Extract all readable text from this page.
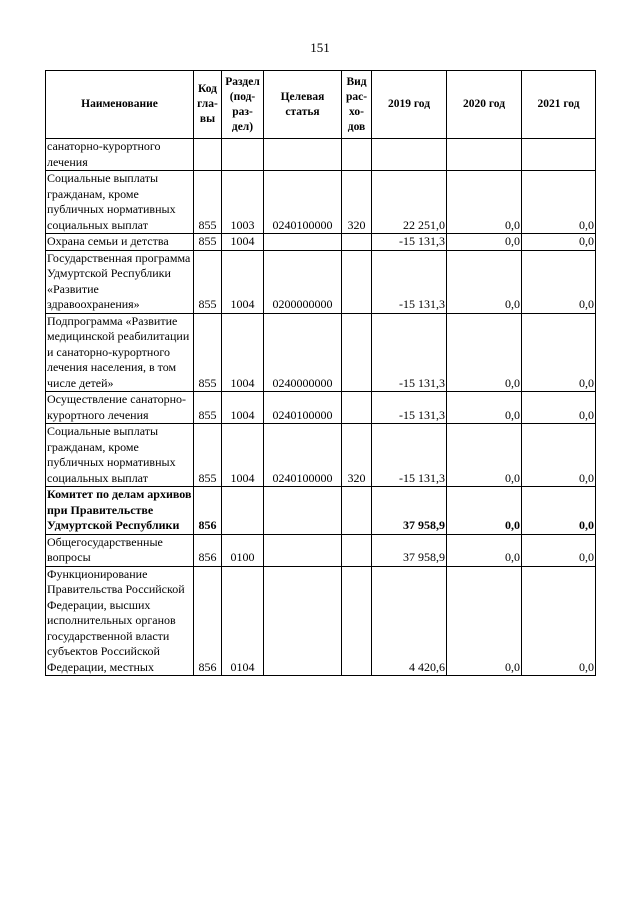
151
Наименование	Код гла-вы	Раздел (под-раз-дел)	Целевая статья	Вид рас-хо-дов	2019 год	2020 год	2021 год
санаторно-курортного лечения							
Социальные выплаты гражданам, кроме публичных нормативных социальных выплат	855	1003	0240100000	320	22 251,0	0,0	0,0
Охрана семьи и детства	855	1004			-15 131,3	0,0	0,0
Государственная программа Удмуртской Республики «Развитие здравоохранения»	855	1004	0200000000		-15 131,3	0,0	0,0
Подпрограмма «Развитие медицинской реабилитации и санаторно-курортного лечения населения, в том числе детей»	855	1004	0240000000		-15 131,3	0,0	0,0
Осуществление санаторно-курортного лечения	855	1004	0240100000		-15 131,3	0,0	0,0
Социальные выплаты гражданам, кроме публичных нормативных социальных выплат	855	1004	0240100000	320	-15 131,3	0,0	0,0
Комитет по делам архивов при Правительстве Удмуртской Республики	856				37 958,9	0,0	0,0
Общегосударственные вопросы	856	0100			37 958,9	0,0	0,0
Функционирование Правительства Российской Федерации, высших исполнительных органов государственной власти субъектов Российской Федерации, местных	856	0104			4 420,6	0,0	0,0
